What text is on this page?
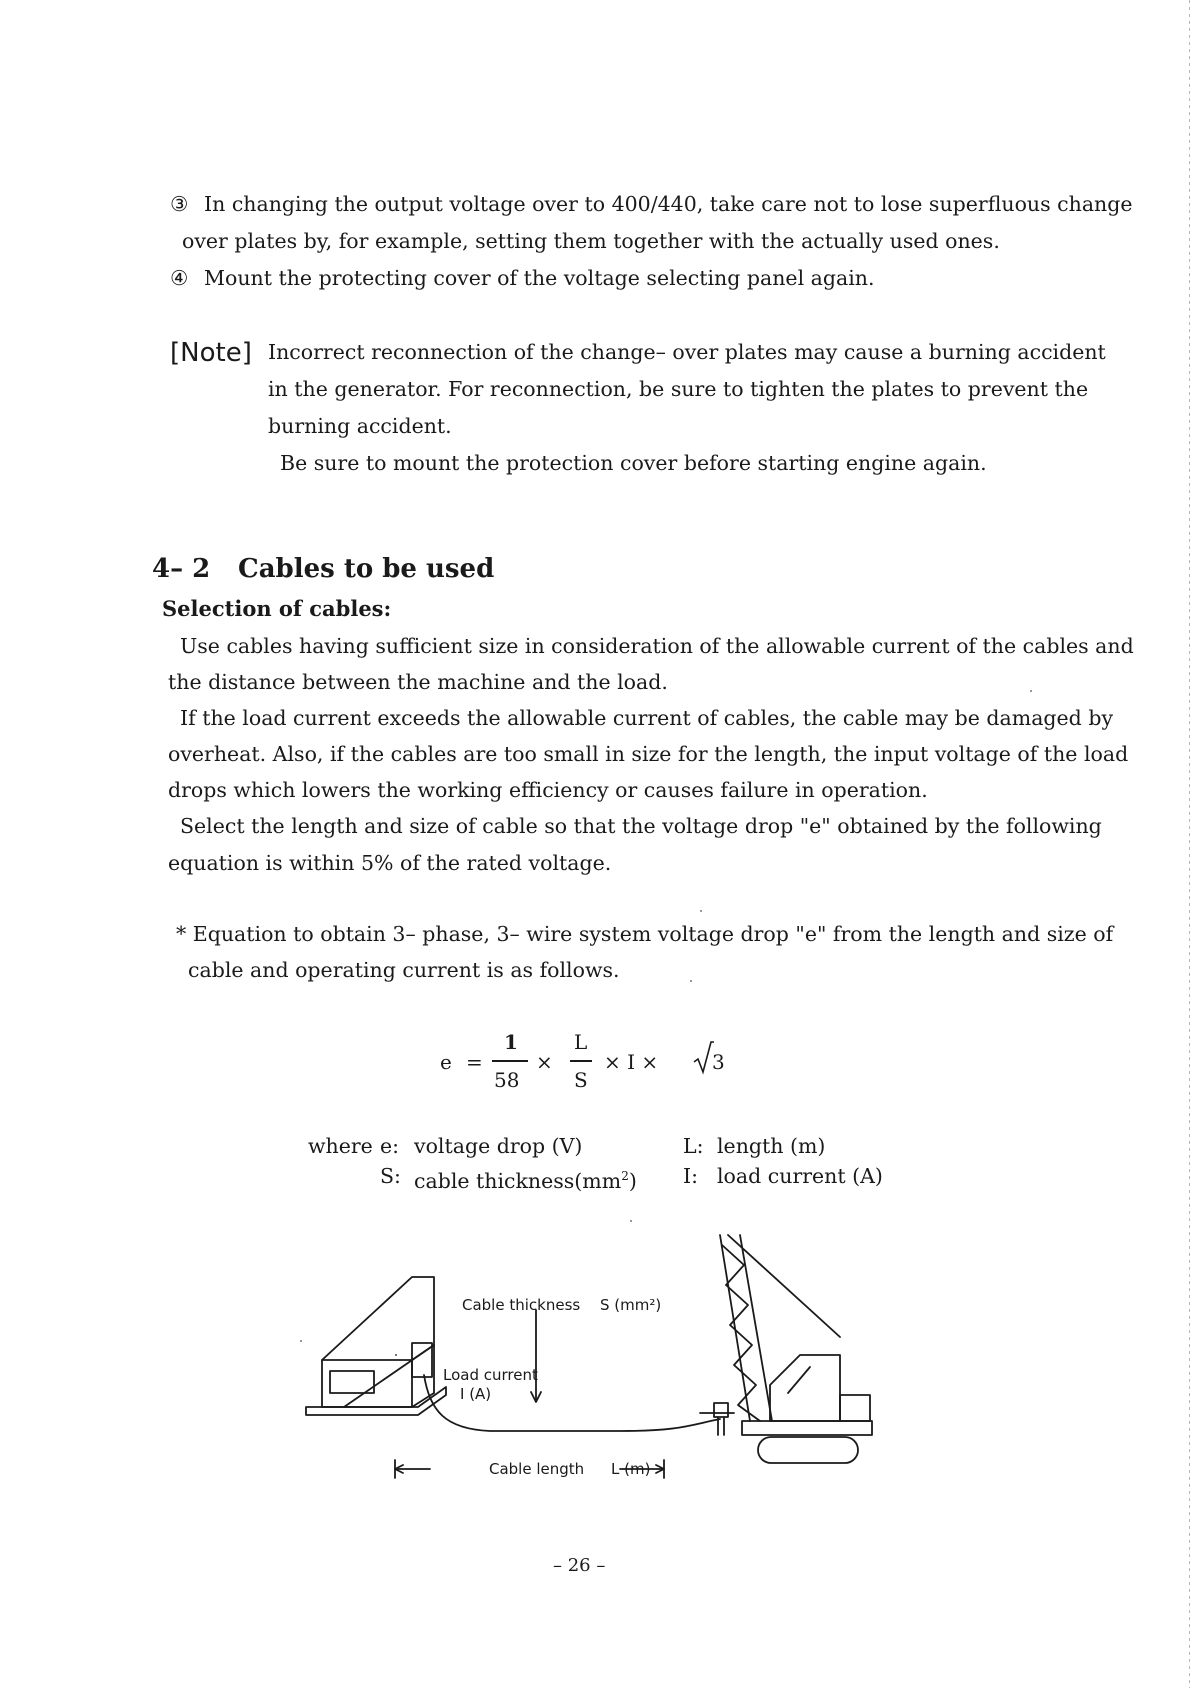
③ In changing the output voltage over to 400/440, take care not to lose superfluous change
over plates by, for example, setting them together with the actually used ones.
④ Mount the protecting cover of the voltage selecting panel again.
[Note] Incorrect reconnection of the change– over plates may cause a burning accident
in the generator. For reconnection, be sure to tighten the plates to prevent the
burning accident.
Be sure to mount the protection cover before starting engine again.
4– 2 Cables to be used
Selection of cables:
Use cables having sufficient size in consideration of the allowable current of the cables and
the distance between the machine and the load.
If the load current exceeds the allowable current of cables, the cable may be damaged by
overheat. Also, if the cables are too small in size for the length, the input voltage of the load
drops which lowers the working efficiency or causes failure in operation.
Select the length and size of cable so that the voltage drop "e" obtained by the following
equation is within 5% of the rated voltage.
* Equation to obtain 3– phase, 3– wire system voltage drop "e" from the length and size of
cable and operating current is as follows.
e =
1
58
×
L
S
× I ×	3
where e: voltage drop (V)	L: length (m)
S: cable $thickness(mm^2)$ I: load current (A)
Cable thickness S (mm²)
Load current
I (A)
Cable length L (m)
– 26 –
